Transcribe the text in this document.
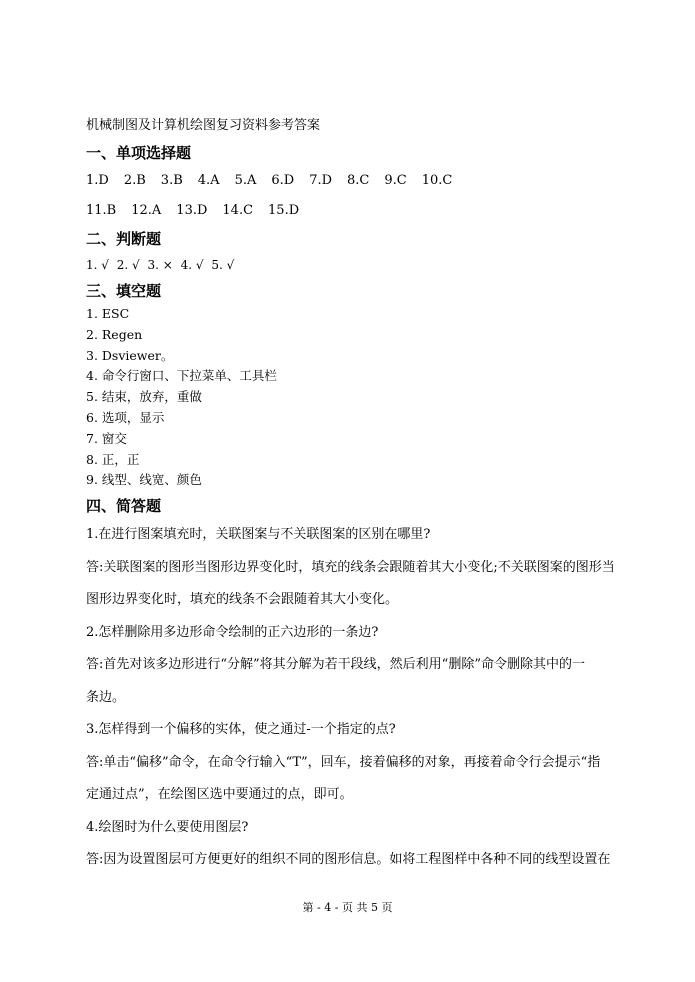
机械制图及计算机绘图复习资料参考答案

一、单项选择题

1.D 2.B 3.B 4.A 5.A 6.D 7.D 8.C 9.C 10.C

11.B 12.A 13.D 14.C 15.D

二、判断题

1. √ 2. √ 3. × 4. √ 5. √

三、填空题

1. ESC
2. Regen
3. Dsviewer。
4. 命令行窗口、下拉菜单、工具栏
5. 结束，放弃，重做
6. 选项，显示
7. 窗交
8. 正，正
9. 线型、线宽、颜色

四、简答题

1.在进行图案填充时，关联图案与不关联图案的区别在哪里?

答:关联图案的图形当图形边界变化时，填充的线条会跟随着其大小变化;不关联图案的图形当

图形边界变化时，填充的线条不会跟随着其大小变化。

2.怎样删除用多边形命令绘制的正六边形的一条边?

答:首先对该多边形进行“分解”将其分解为若干段线，然后利用“删除”命令删除其中的一

条边。

3.怎样得到一个偏移的实体，使之通过-一个指定的点?

答:单击“偏移”命令，在命令行输入“T”，回车，接着偏移的对象，再接着命令行会提示“指

定通过点”，在绘图区选中要通过的点，即可。

4.绘图时为什么要使用图层?

答:因为设置图层可方便更好的组织不同的图形信息。如将工程图样中各种不同的线型设置在

第 - 4 - 页 共 5 页
